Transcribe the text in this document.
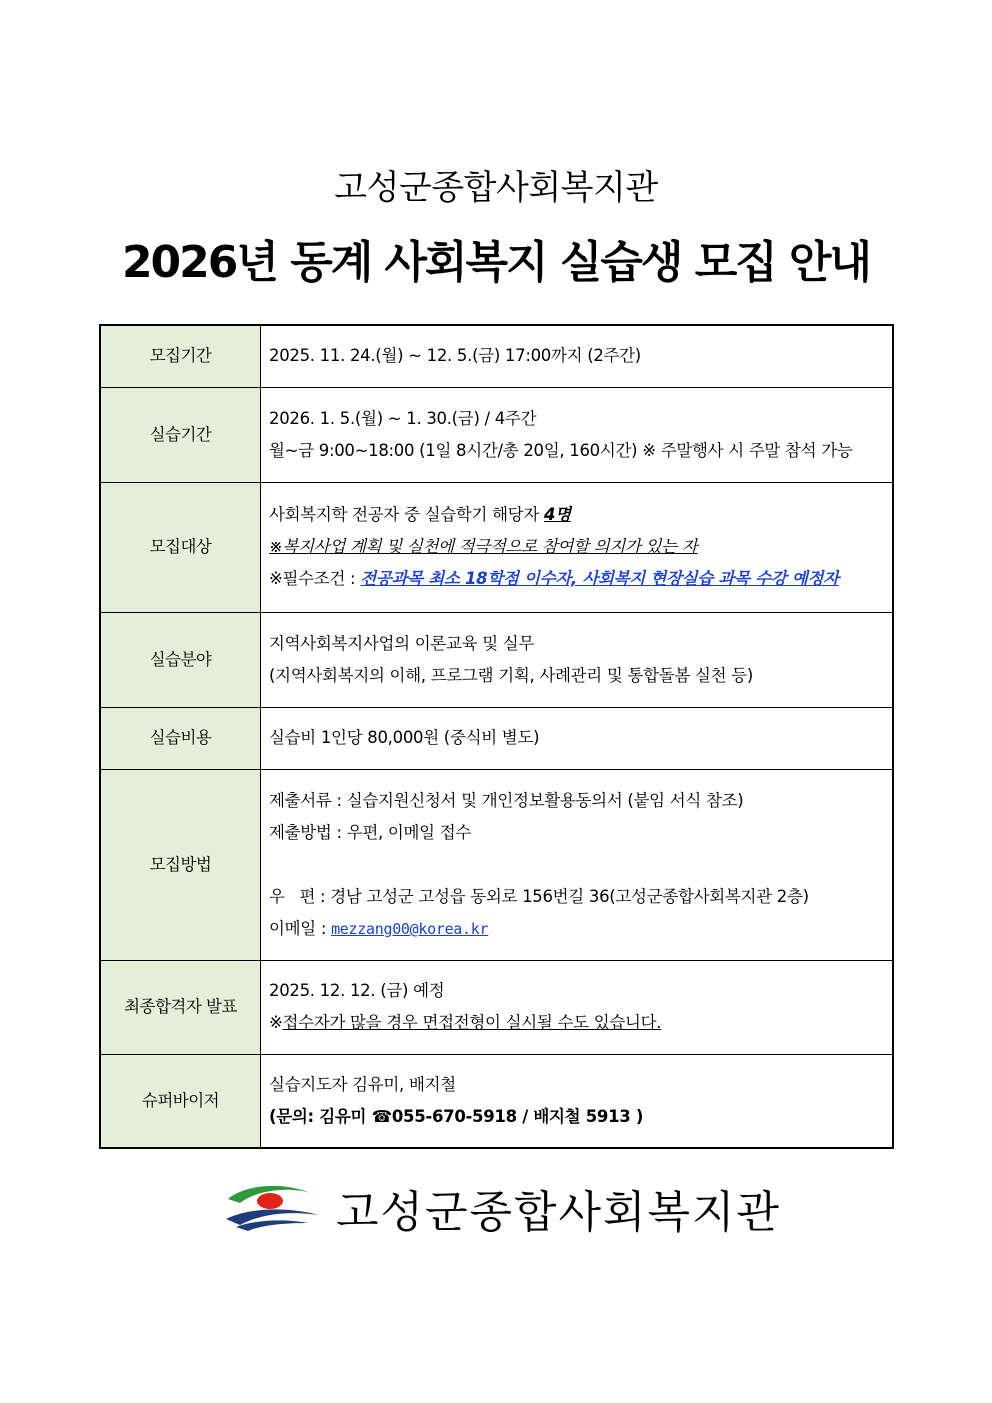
고성군종합사회복지관
2026년 동계 사회복지 실습생 모집 안내
모집기간	2025. 11. 24.(월) ~ 12. 5.(금) 17:00까지 (2주간)

실습기간	2026. 1. 5.(월) ~ 1. 30.(금) / 4주간
월~금 9:00~18:00 (1일 8시간/총 20일, 160시간) ※ 주말행사 시 주말 참석 가능

모집대상	사회복지학 전공자 중 실습학기 해당자 4명
※복지사업 계획 및 실천에 적극적으로 참여할 의지가 있는 자
※필수조건 : 전공과목 최소 18학점 이수자, 사회복지 현장실습 과목 수강 예정자

실습분야	지역사회복지사업의 이론교육 및 실무
(지역사회복지의 이해, 프로그램 기획, 사례관리 및 통합돌봄 실천 등)

실습비용	실습비 1인당 80,000원 (중식비 별도)

모집방법	제출서류 : 실습지원신청서 및 개인정보활용동의서 (붙임 서식 참조)
제출방법 : 우편, 이메일 접수
우   편 : 경남 고성군 고성읍 동외로 156번길 36(고성군종합사회복지관 2층)
이메일 : mezzang00@korea.kr

최종합격자 발표	2025. 12. 12. (금) 예정
※접수자가 많을 경우 면접전형이 실시될 수도 있습니다.

슈퍼바이저	실습지도자 김유미, 배지철
(문의: 김유미 ☎055-670-5918 / 배지철 5913 )
고성군종합사회복지관
